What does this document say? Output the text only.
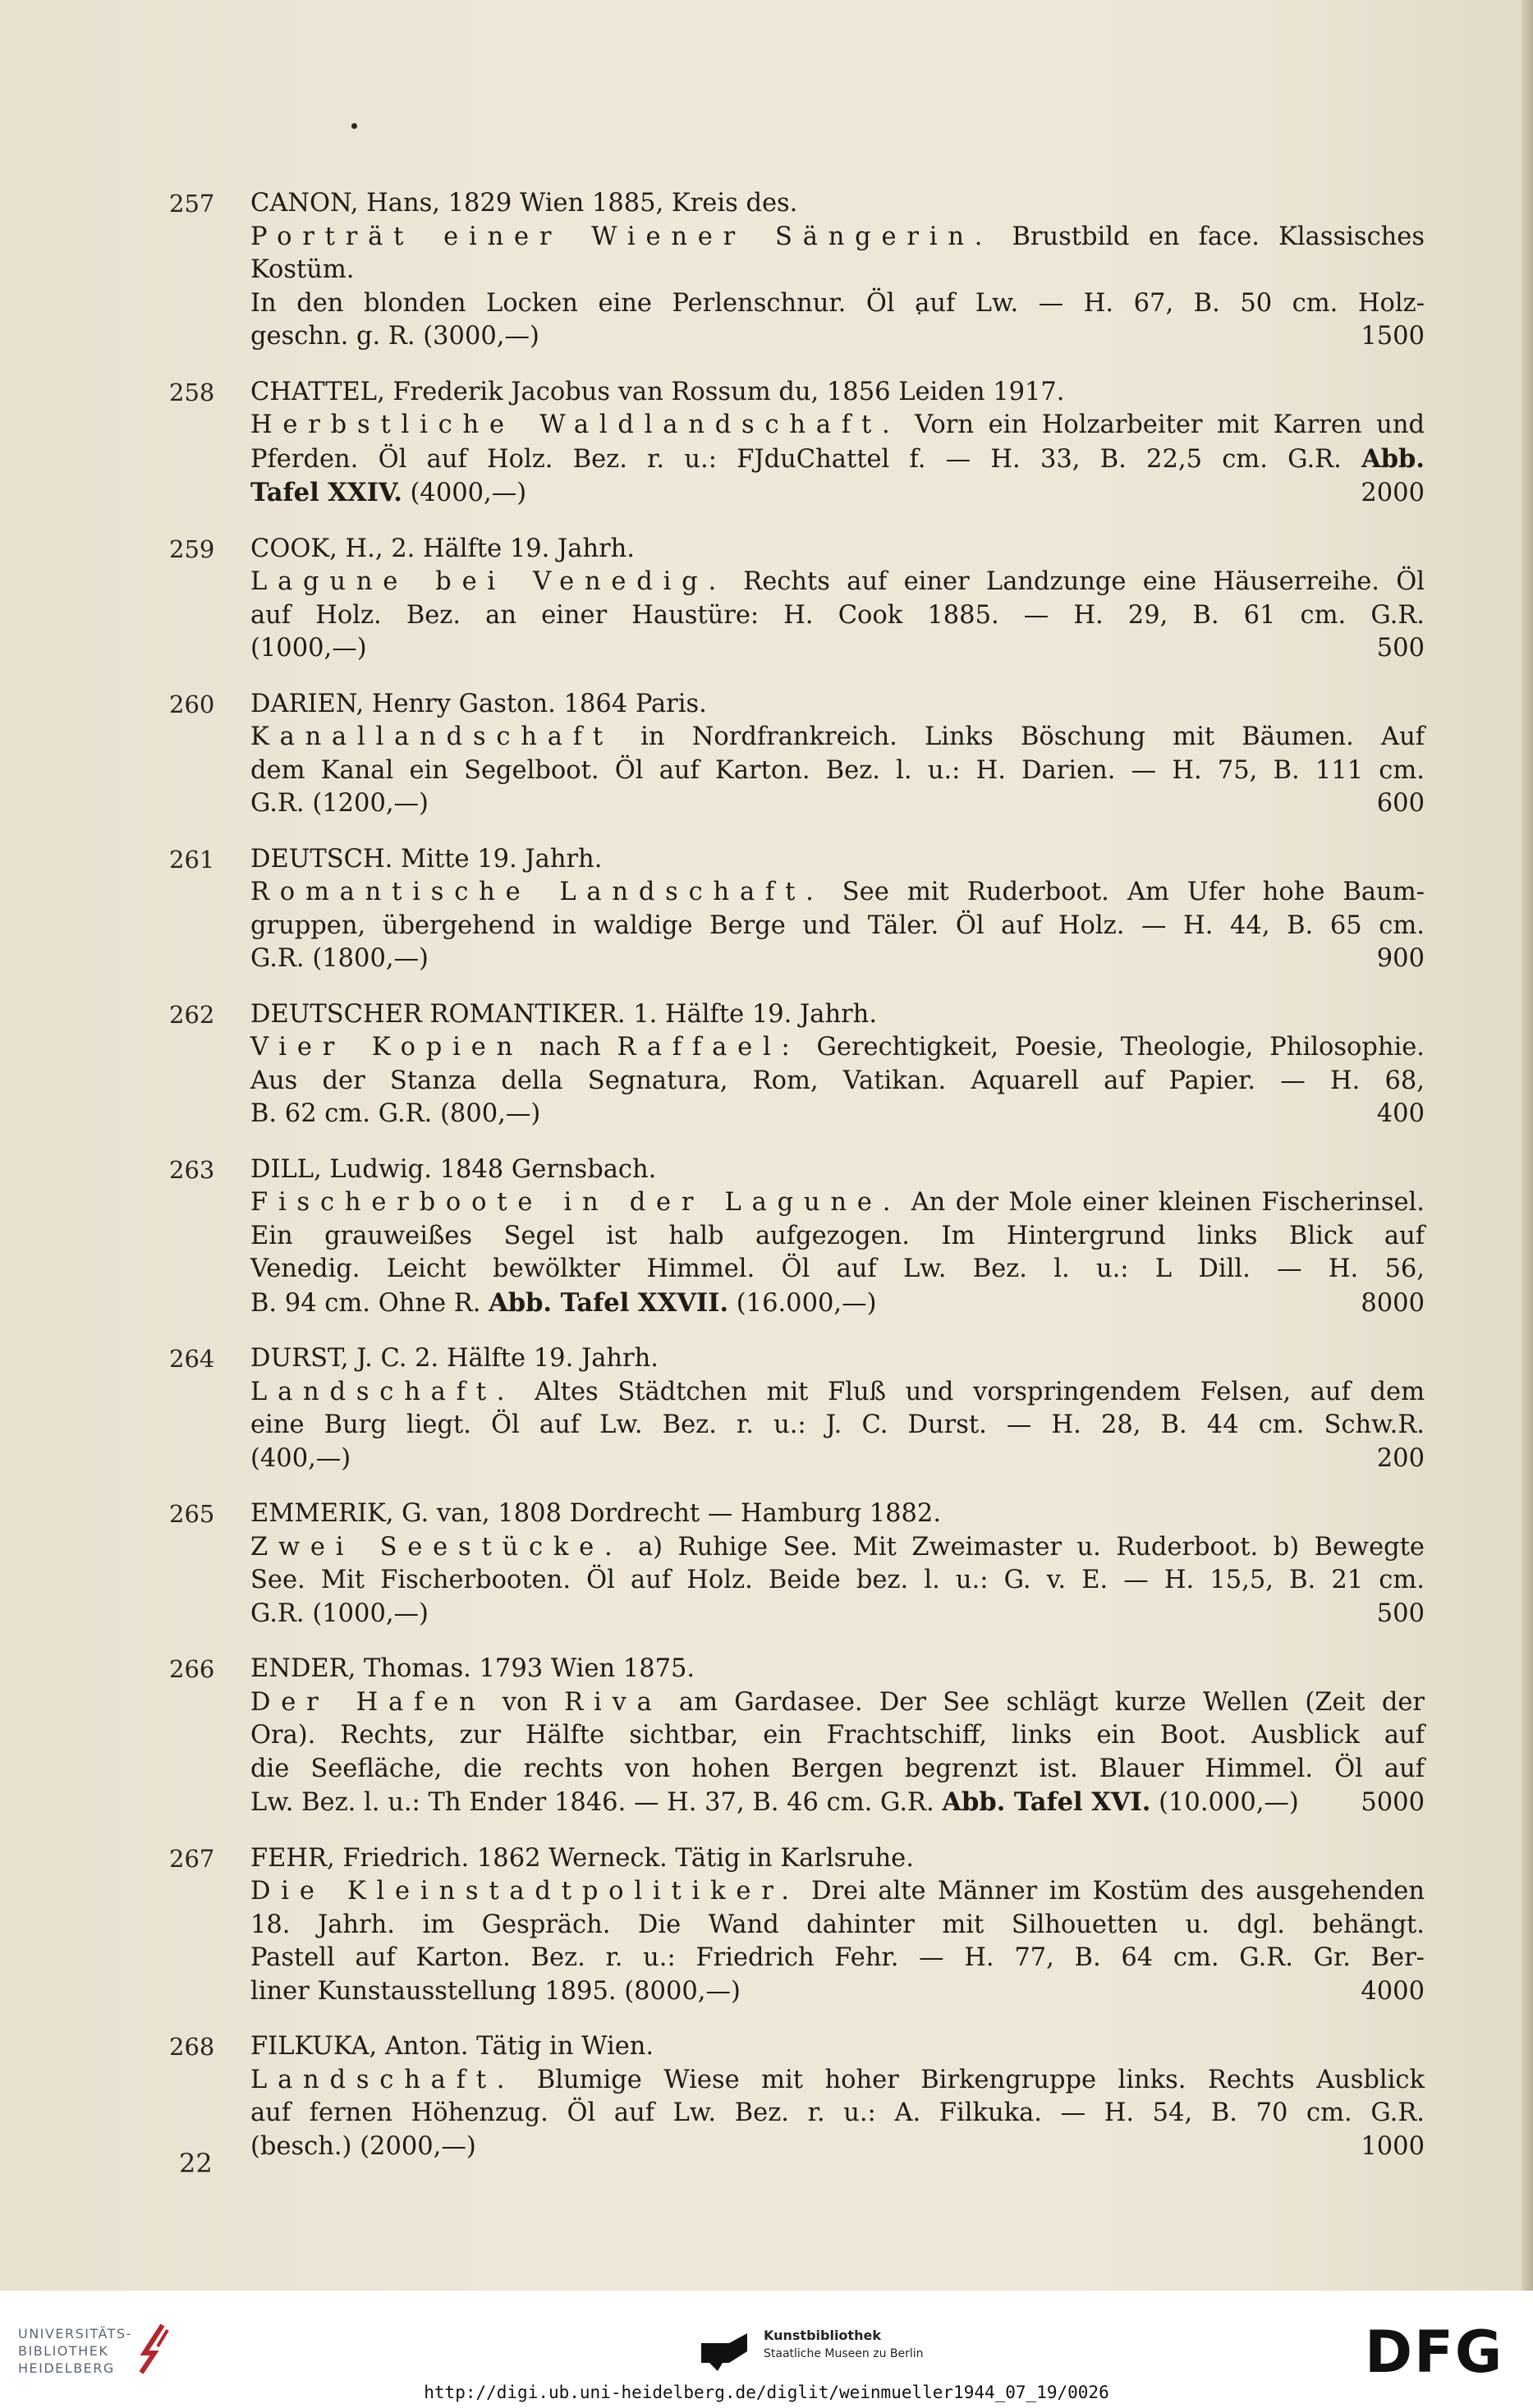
257	CANON, Hans, 1829 Wien 1885, Kreis des.
Porträt einer Wiener Sängerin. Brustbild en face. Klassisches Kostüm.
In den blonden Locken eine Perlenschnur. Öl auf Lw. — H. 67, B. 50 cm. Holz-
geschn. g. R. (3000,—)	1500
258	CHATTEL, Frederik Jacobus van Rossum du, 1856 Leiden 1917.
Herbstliche Waldlandschaft. Vorn ein Holzarbeiter mit Karren und
Pferden. Öl auf Holz. Bez. r. u.: FJduChattel f. — H. 33, B. 22,5 cm. G.R. Abb.
Tafel XXIV. (4000,—)	2000
259	COOK, H., 2. Hälfte 19. Jahrh.
Lagune bei Venedig. Rechts auf einer Landzunge eine Häuserreihe. Öl
auf Holz. Bez. an einer Haustüre: H. Cook 1885. — H. 29, B. 61 cm. G.R.
(1000,—)	500
260	DARIEN, Henry Gaston. 1864 Paris.
Kanallandschaft in Nordfrankreich. Links Böschung mit Bäumen. Auf
dem Kanal ein Segelboot. Öl auf Karton. Bez. l. u.: H. Darien. — H. 75, B. 111 cm.
G.R. (1200,—)	600
261	DEUTSCH. Mitte 19. Jahrh.
Romantische Landschaft. See mit Ruderboot. Am Ufer hohe Baum-
gruppen, übergehend in waldige Berge und Täler. Öl auf Holz. — H. 44, B. 65 cm.
G.R. (1800,—)	900
262	DEUTSCHER ROMANTIKER. 1. Hälfte 19. Jahrh.
Vier Kopien nach Raffael: Gerechtigkeit, Poesie, Theologie, Philosophie.
Aus der Stanza della Segnatura, Rom, Vatikan. Aquarell auf Papier. — H. 68,
B. 62 cm. G.R. (800,—)	400
263	DILL, Ludwig. 1848 Gernsbach.
Fischerboote in der Lagune. An der Mole einer kleinen Fischerinsel.
Ein grauweißes Segel ist halb aufgezogen. Im Hintergrund links Blick auf
Venedig. Leicht bewölkter Himmel. Öl auf Lw. Bez. l. u.: L Dill. — H. 56,
B. 94 cm. Ohne R. Abb. Tafel XXVII. (16.000,—)	8000
264	DURST, J. C. 2. Hälfte 19. Jahrh.
Landschaft. Altes Städtchen mit Fluß und vorspringendem Felsen, auf dem
eine Burg liegt. Öl auf Lw. Bez. r. u.: J. C. Durst. — H. 28, B. 44 cm. Schw.R.
(400,—)	200
265	EMMERIK, G. van, 1808 Dordrecht — Hamburg 1882.
Zwei Seestücke. a) Ruhige See. Mit Zweimaster u. Ruderboot. b) Bewegte
See. Mit Fischerbooten. Öl auf Holz. Beide bez. l. u.: G. v. E. — H. 15,5, B. 21 cm.
G.R. (1000,—)	500
266	ENDER, Thomas. 1793 Wien 1875.
Der Hafen von Riva am Gardasee. Der See schlägt kurze Wellen (Zeit der
Ora). Rechts, zur Hälfte sichtbar, ein Frachtschiff, links ein Boot. Ausblick auf
die Seefläche, die rechts von hohen Bergen begrenzt ist. Blauer Himmel. Öl auf
Lw. Bez. l. u.: Th Ender 1846. — H. 37, B. 46 cm. G.R. Abb. Tafel XVI. (10.000,—) 5000
267	FEHR, Friedrich. 1862 Werneck. Tätig in Karlsruhe.
Die Kleinstadtpolitiker. Drei alte Männer im Kostüm des ausgehenden
18. Jahrh. im Gespräch. Die Wand dahinter mit Silhouetten u. dgl. behängt.
Pastell auf Karton. Bez. r. u.: Friedrich Fehr. — H. 77, B. 64 cm. G.R. Gr. Ber-
liner Kunstausstellung 1895. (8000,—)	4000
268	FILKUKA, Anton. Tätig in Wien.
Landschaft. Blumige Wiese mit hoher Birkengruppe links. Rechts Ausblick
auf fernen Höhenzug. Öl auf Lw. Bez. r. u.: A. Filkuka. — H. 54, B. 70 cm. G.R.
(besch.) (2000,—)	1000
22
UNIVERSITÄTS-
BIBLIOTHEK
HEIDELBERG
Kunstbibliothek
Staatliche Museen zu Berlin	DFG
http://digi.ub.uni-heidelberg.de/diglit/weinmueller1944_07_19/0026
